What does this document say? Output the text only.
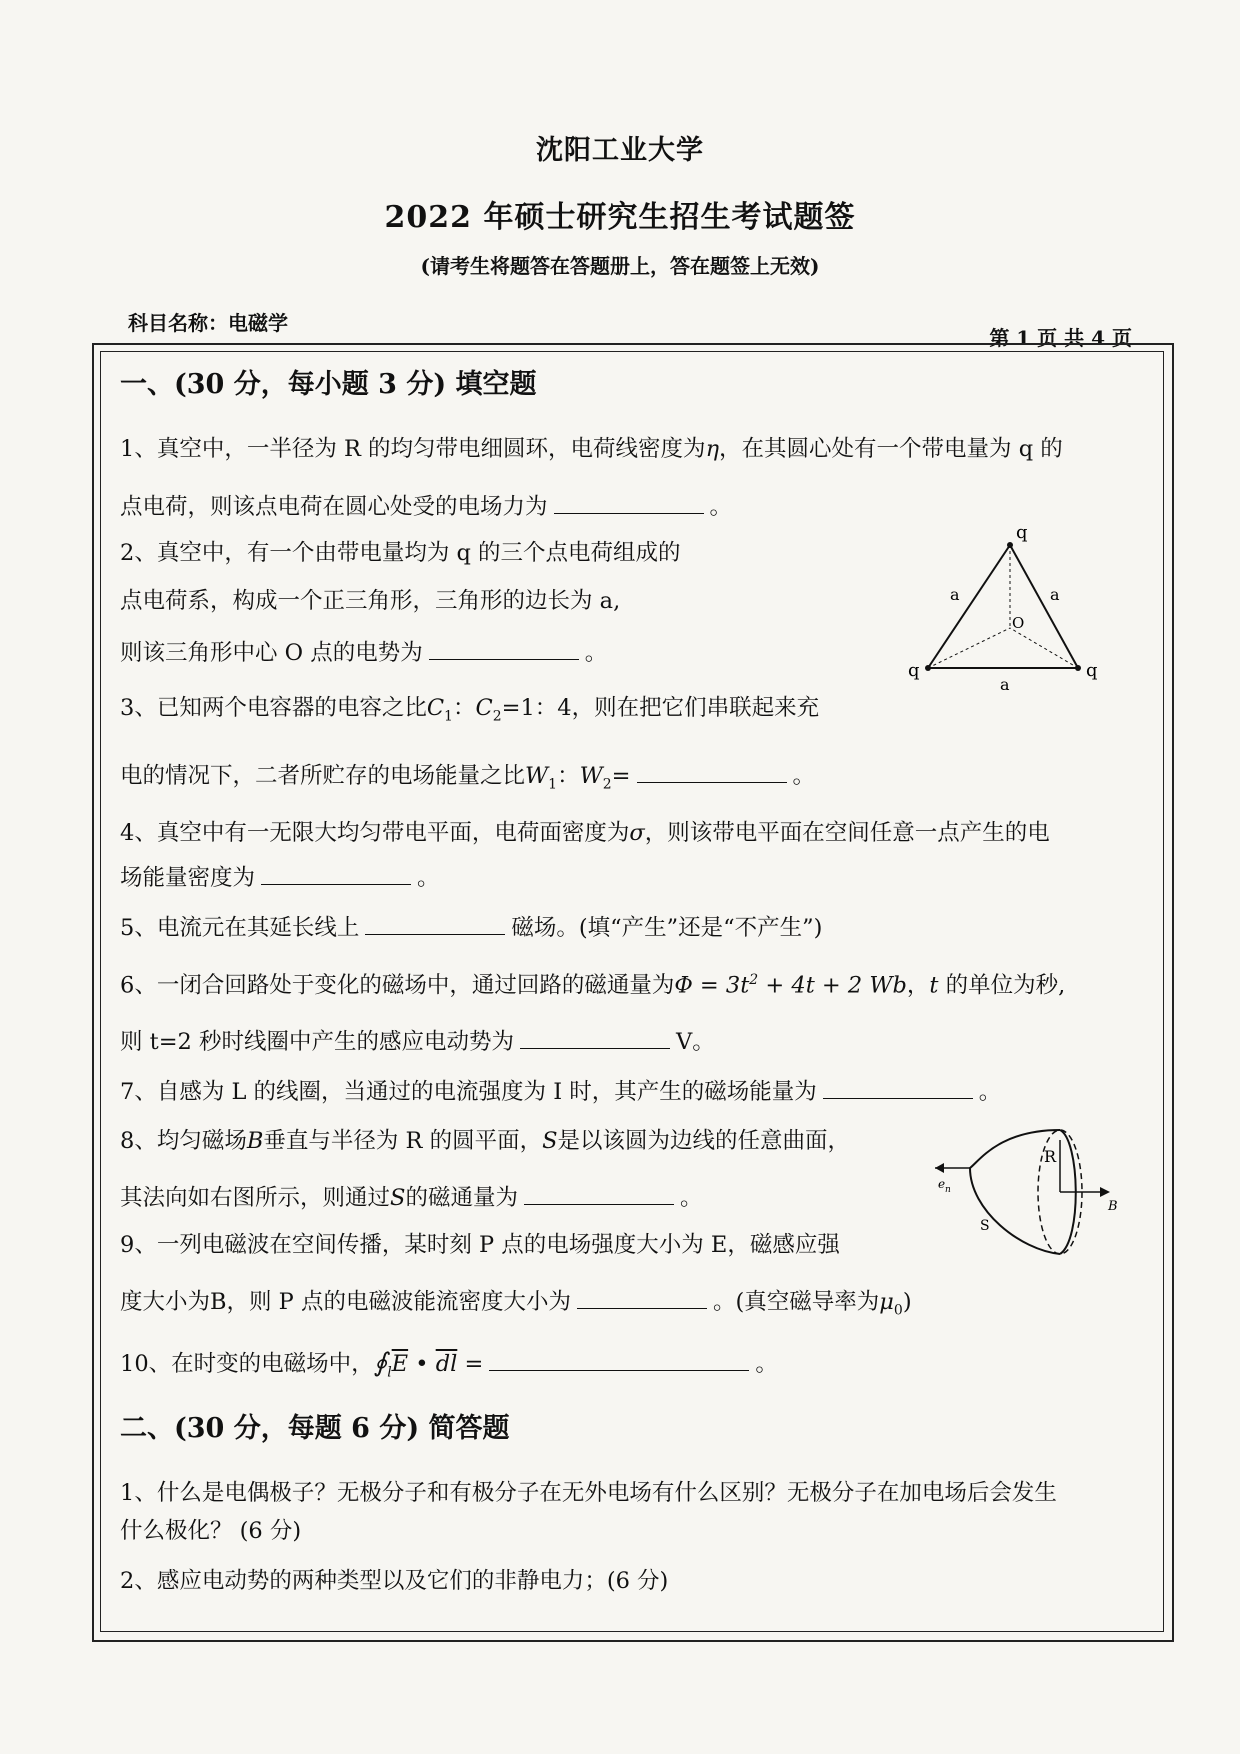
沈阳工业大学
2022 年硕士研究生招生考试题签
(请考生将题答在答题册上，答在题签上无效)
科目名称：电磁学
第 1 页 共 4 页
一、(30 分，每小题 3 分) 填空题
1、真空中，一半径为 R 的均匀带电细圆环，电荷线密度为η，在其圆心处有一个带电量为 q 的
点电荷，则该点电荷在圆心处受的电场力为	。
2、真空中，有一个由带电量均为 q 的三个点电荷组成的
点电荷系，构成一个正三角形，三角形的边长为 a,
则该三角形中心 O 点的电势为	。
3、已知两个电容器的电容之比$C_1$：$C_2=1$：4，则在把它们串联起来充
电的情况下，二者所贮存的电场能量之比$W_1$：$W_2=$	。
4、真空中有一无限大均匀带电平面，电荷面密度为σ，则该带电平面在空间任意一点产生的电
场能量密度为	。
5、电流元在其延长线上	磁场。(填“产生”还是“不产生”)
6、一闭合回路处于变化的磁场中，通过回路的磁通量为$\Phi = 3t^2 + 4t + 2$ Wb，t 的单位为秒,
则 t=2 秒时线圈中产生的感应电动势为	V。
7、自感为 L 的线圈，当通过的电流强度为 I 时，其产生的磁场能量为	。
8、均匀磁场B垂直与半径为 R 的圆平面，S是以该圆为边线的任意曲面，
其法向如右图所示，则通过S的磁通量为	。
9、一列电磁波在空间传播，某时刻 P 点的电场强度大小为 E，磁感应强
度大小为B，则 P 点的电磁波能流密度大小为	。(真空磁导率为$\mu_0$)
10、在时变的电磁场中，$∮_l\overline{E}$ • $\overline{dl}$ =	。
二、(30 分，每题 6 分) 简答题
1、什么是电偶极子？无极分子和有极分子在无外电场有什么区别？无极分子在加电场后会发生
什么极化？ (6 分)
2、感应电动势的两种类型以及它们的非静电力；(6 分)
q
q	q
a	a
a
O
R
S
e n
B
